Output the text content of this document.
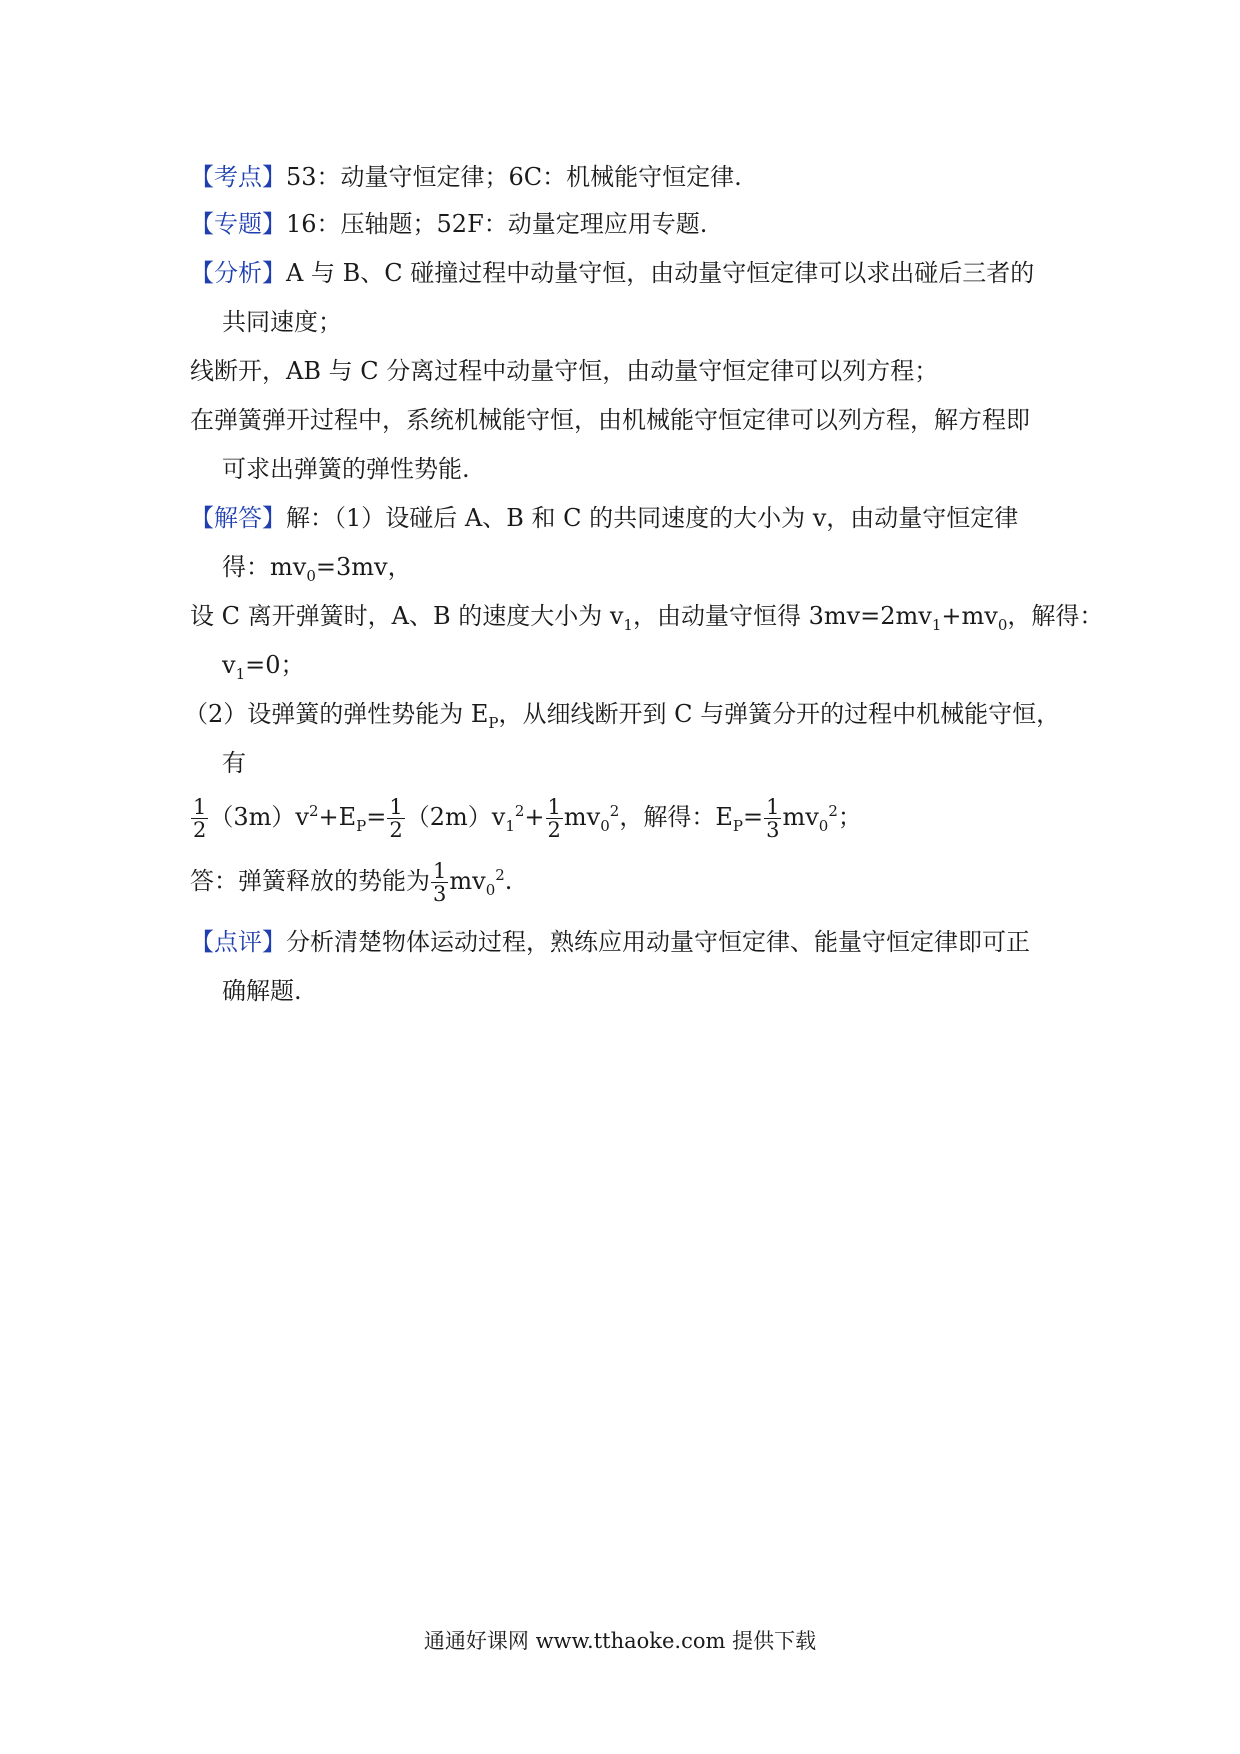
【考点】53：动量守恒定律；6C：机械能守恒定律.
【专题】16：压轴题；52F：动量定理应用专题.
【分析】A 与 B、C 碰撞过程中动量守恒，由动量守恒定律可以求出碰后三者的
共同速度；
线断开，AB 与 C 分离过程中动量守恒，由动量守恒定律可以列方程；
在弹簧弹开过程中，系统机械能守恒，由机械能守恒定律可以列方程，解方程即
可求出弹簧的弹性势能.
【解答】解：（1）设碰后 A、B 和 C 的共同速度的大小为 v，由动量守恒定律
得：$mv_0=3mv$，
设 C 离开弹簧时，A、B 的速度大小为 $v_1$，由动量守恒得 $3mv=2mv_1+mv_0$，解得：
$v_1=0$；
（2）设弹簧的弹性势能为 $E_P$，从细线断开到 C 与弹簧分开的过程中机械能守恒，
有
$\frac{1}{2} (3m)v^2+E_P= \frac{1}{2} (2m)v_1^2+ \frac{1}{2} mv_0^2$，解得：$E_P= \frac{1}{3} mv_0^2$；
答：弹簧释放的势能为 $\frac{1}{3} mv_0^2$.
【点评】分析清楚物体运动过程，熟练应用动量守恒定律、能量守恒定律即可正
确解题.
通通好课网 www.tthaoke.com 提供下载
